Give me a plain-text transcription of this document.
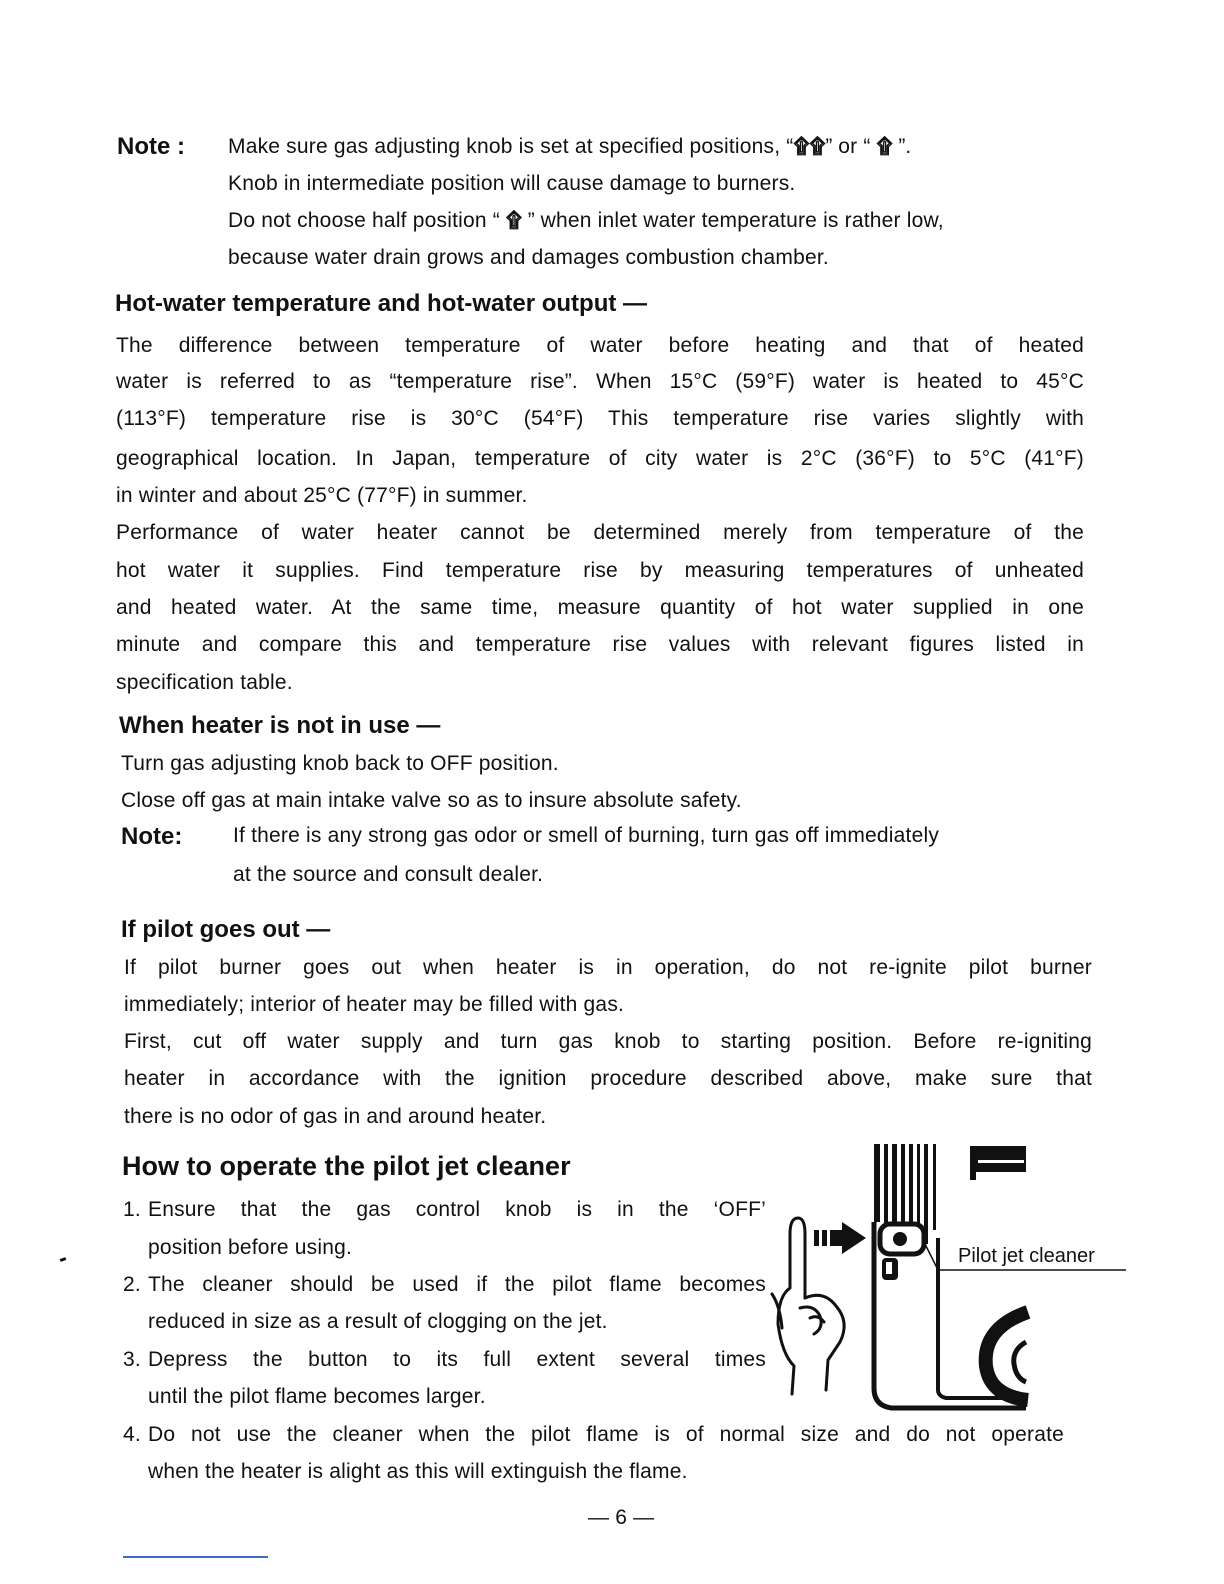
Note : Make sure gas adjusting knob is set at specified positions, “۩۩” or “ ۩ ”.
Knob in intermediate position will cause damage to burners.
Do not choose half position “ ۩ ” when inlet water temperature is rather low,
because water drain grows and damages combustion chamber.
Hot-water temperature and hot-water output —
The difference between temperature of water before heating and that of heated
water is referred to as “temperature rise”. When 15°C (59°F) water is heated to 45°C
(113°F) temperature rise is 30°C (54°F) This temperature rise varies slightly with
geographical location. In Japan, temperature of city water is 2°C (36°F) to 5°C (41°F)
in winter and about 25°C (77°F) in summer.
Performance of water heater cannot be determined merely from temperature of the
hot water it supplies. Find temperature rise by measuring temperatures of unheated
and heated water. At the same time, measure quantity of hot water supplied in one
minute and compare this and temperature rise values with relevant figures listed in
specification table.
When heater is not in use —
Turn gas adjusting knob back to OFF position.
Close off gas at main intake valve so as to insure absolute safety.
Note: If there is any strong gas odor or smell of burning, turn gas off immediately
at the source and consult dealer.
If pilot goes out —
If pilot burner goes out when heater is in operation, do not re-ignite pilot burner
immediately; interior of heater may be filled with gas.
First, cut off water supply and turn gas knob to starting position. Before re-igniting
heater in accordance with the ignition procedure described above, make sure that
there is no odor of gas in and around heater.
How to operate the pilot jet cleaner
1. Ensure that the gas control knob is in the ‘OFF’
position before using.
2. The cleaner should be used if the pilot flame becomes
reduced in size as a result of clogging on the jet.
3. Depress the button to its full extent several times
until the pilot flame becomes larger.
4. Do not use the cleaner when the pilot flame is of normal size and do not operate
when the heater is alight as this will extinguish the flame.
Pilot jet cleaner
— 6 —
